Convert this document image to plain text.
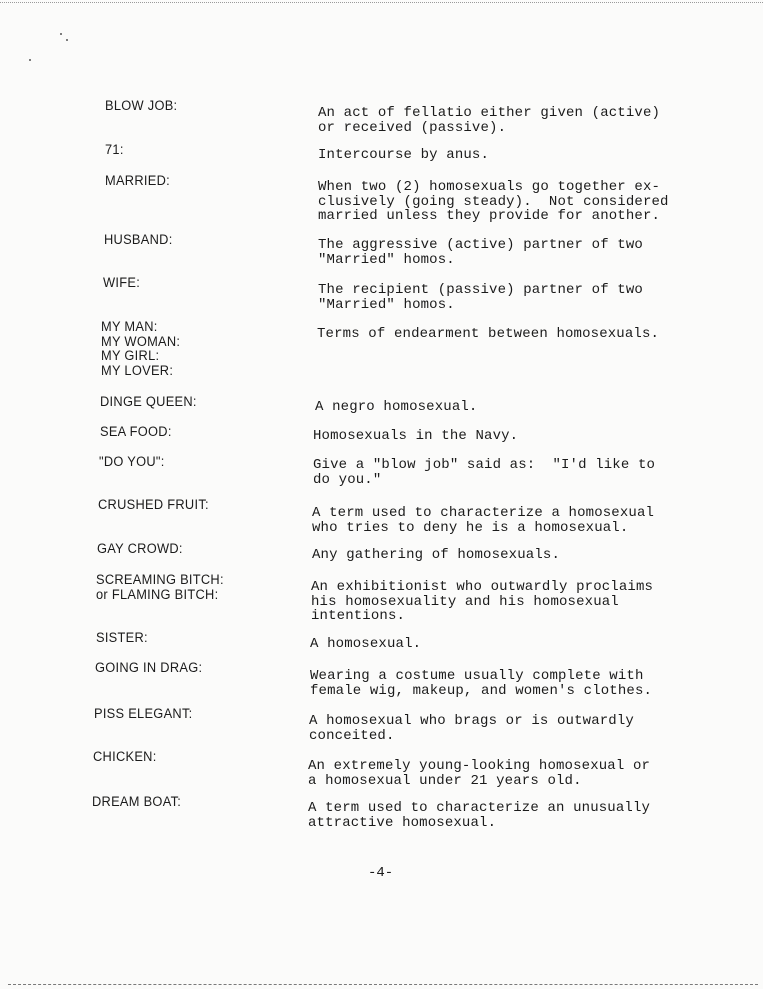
BLOW JOB:	An act of fellatio either given (active)
or received (passive).
71:	Intercourse by anus.
MARRIED:	When two (2) homosexuals go together ex-
clusively (going steady).  Not considered
married unless they provide for another.
HUSBAND:	The aggressive (active) partner of two
"Married" homos.
WIFE:	The recipient (passive) partner of two
"Married" homos.
MY MAN:
MY WOMAN:
MY GIRL:
MY LOVER:
Terms of endearment between homosexuals.
DINGE QUEEN:	A negro homosexual.
SEA FOOD:	Homosexuals in the Navy.
"DO YOU":	Give a "blow job" said as:  "I'd like to
do you."
CRUSHED FRUIT:
A term used to characterize a homosexual
who tries to deny he is a homosexual.
GAY CROWD:	Any gathering of homosexuals.
SCREAMING BITCH:
or FLAMING BITCH:	An exhibitionist who outwardly proclaims
his homosexuality and his homosexual
intentions.
SISTER:	A homosexual.
GOING IN DRAG:
Wearing a costume usually complete with
female wig, makeup, and women's clothes.
PISS ELEGANT:	A homosexual who brags or is outwardly
conceited.
CHICKEN:
An extremely young-looking homosexual or
a homosexual under 21 years old.
DREAM BOAT:	A term used to characterize an unusually
attractive homosexual.
-4-
